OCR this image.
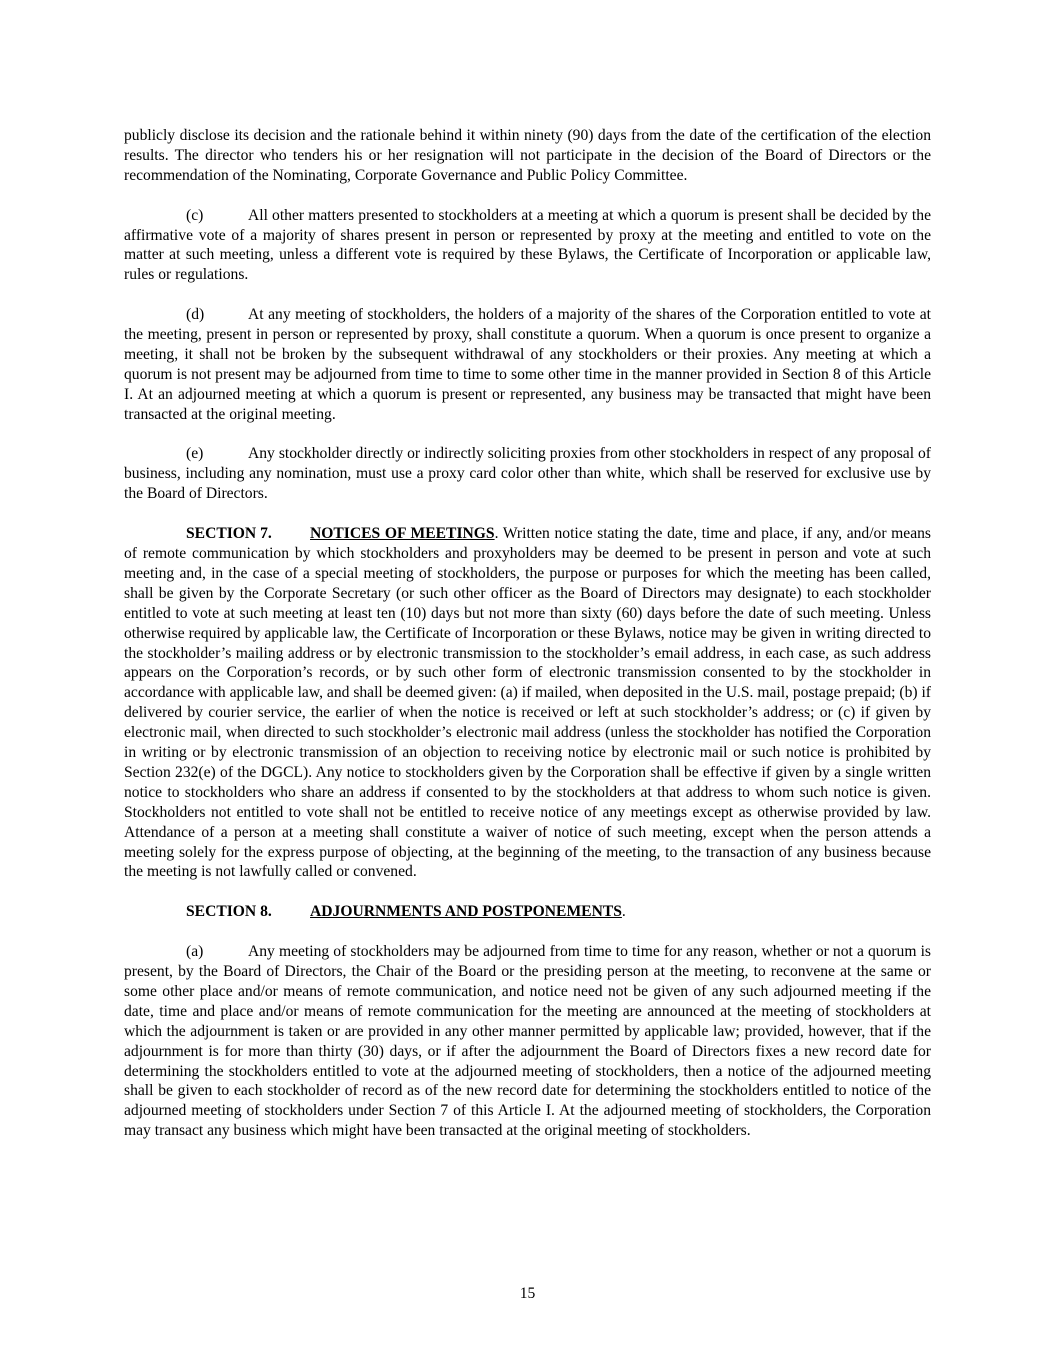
publicly disclose its decision and the rationale behind it within ninety (90) days from the date of the certification of the election results. The director who tenders his or her resignation will not participate in the decision of the Board of Directors or the recommendation of the Nominating, Corporate Governance and Public Policy Committee.

(c)	All other matters presented to stockholders at a meeting at which a quorum is present shall be decided by the affirmative vote of a majority of shares present in person or represented by proxy at the meeting and entitled to vote on the matter at such meeting, unless a different vote is required by these Bylaws, the Certificate of Incorporation or applicable law, rules or regulations.

(d)	At any meeting of stockholders, the holders of a majority of the shares of the Corporation entitled to vote at the meeting, present in person or represented by proxy, shall constitute a quorum. When a quorum is once present to organize a meeting, it shall not be broken by the subsequent withdrawal of any stockholders or their proxies. Any meeting at which a quorum is not present may be adjourned from time to time to some other time in the manner provided in Section 8 of this Article I. At an adjourned meeting at which a quorum is present or represented, any business may be transacted that might have been transacted at the original meeting.

(e)	Any stockholder directly or indirectly soliciting proxies from other stockholders in respect of any proposal of business, including any nomination, must use a proxy card color other than white, which shall be reserved for exclusive use by the Board of Directors.

SECTION 7. NOTICES OF MEETINGS. Written notice stating the date, time and place, if any, and/or means of remote communication by which stockholders and proxyholders may be deemed to be present in person and vote at such meeting and, in the case of a special meeting of stockholders, the purpose or purposes for which the meeting has been called, shall be given by the Corporate Secretary (or such other officer as the Board of Directors may designate) to each stockholder entitled to vote at such meeting at least ten (10) days but not more than sixty (60) days before the date of such meeting. Unless otherwise required by applicable law, the Certificate of Incorporation or these Bylaws, notice may be given in writing directed to the stockholder’s mailing address or by electronic transmission to the stockholder’s email address, in each case, as such address appears on the Corporation’s records, or by such other form of electronic transmission consented to by the stockholder in accordance with applicable law, and shall be deemed given: (a) if mailed, when deposited in the U.S. mail, postage prepaid; (b) if delivered by courier service, the earlier of when the notice is received or left at such stockholder’s address; or (c) if given by electronic mail, when directed to such stockholder’s electronic mail address (unless the stockholder has notified the Corporation in writing or by electronic transmission of an objection to receiving notice by electronic mail or such notice is prohibited by Section 232(e) of the DGCL). Any notice to stockholders given by the Corporation shall be effective if given by a single written notice to stockholders who share an address if consented to by the stockholders at that address to whom such notice is given. Stockholders not entitled to vote shall not be entitled to receive notice of any meetings except as otherwise provided by law. Attendance of a person at a meeting shall constitute a waiver of notice of such meeting, except when the person attends a meeting solely for the express purpose of objecting, at the beginning of the meeting, to the transaction of any business because the meeting is not lawfully called or convened.

SECTION 8. ADJOURNMENTS AND POSTPONEMENTS.

(a)	Any meeting of stockholders may be adjourned from time to time for any reason, whether or not a quorum is present, by the Board of Directors, the Chair of the Board or the presiding person at the meeting, to reconvene at the same or some other place and/or means of remote communication, and notice need not be given of any such adjourned meeting if the date, time and place and/or means of remote communication for the meeting are announced at the meeting of stockholders at which the adjournment is taken or are provided in any other manner permitted by applicable law; provided, however, that if the adjournment is for more than thirty (30) days, or if after the adjournment the Board of Directors fixes a new record date for determining the stockholders entitled to vote at the adjourned meeting of stockholders, then a notice of the adjourned meeting shall be given to each stockholder of record as of the new record date for determining the stockholders entitled to notice of the adjourned meeting of stockholders under Section 7 of this Article I. At the adjourned meeting of stockholders, the Corporation may transact any business which might have been transacted at the original meeting of stockholders.

15
